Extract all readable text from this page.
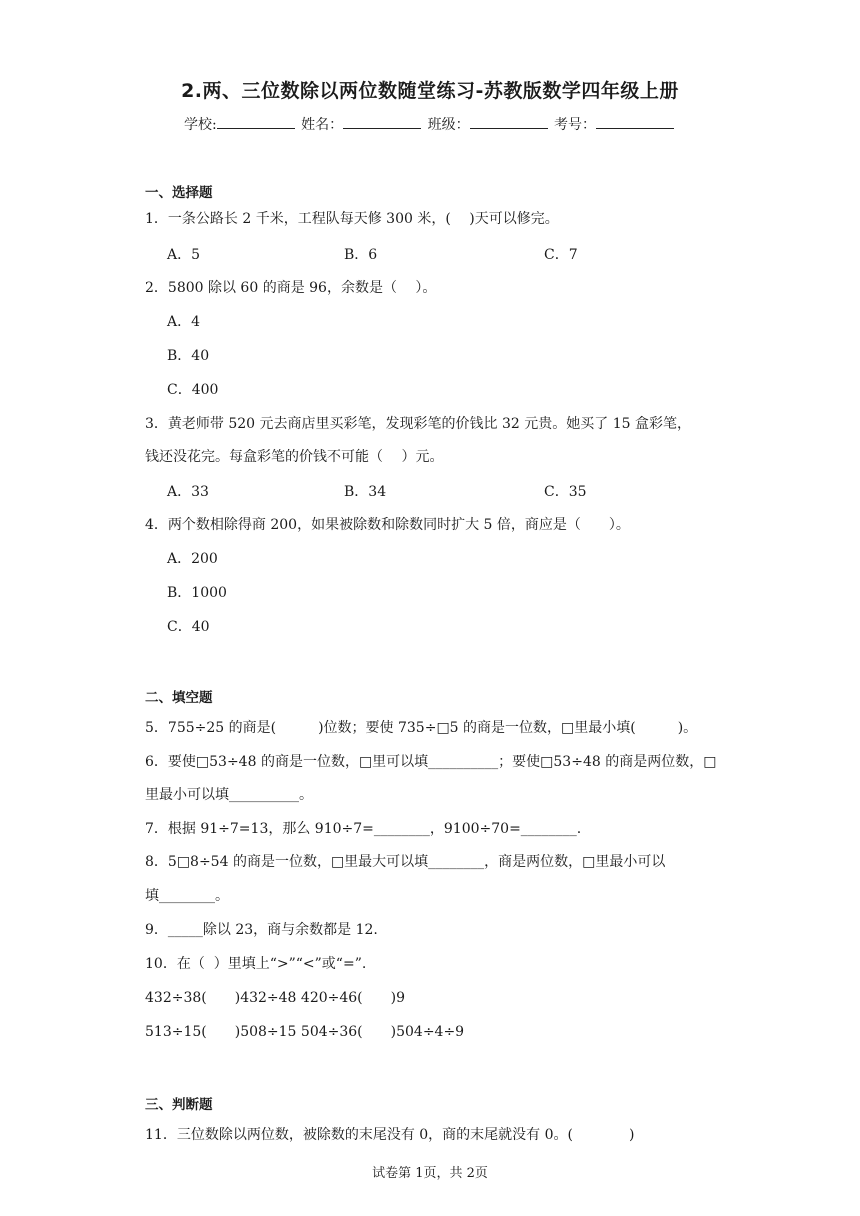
2.两、三位数除以两位数随堂练习-苏教版数学四年级上册
学校:	姓名：	班级：	考号：
一、选择题
1．一条公路长 2 千米，工程队每天修 300 米，(　 )天可以修完。
A．5	B．6	C．7
2．5800 除以 60 的商是 96，余数是（　 ）。
A．4
B．40
C．400
3．黄老师带 520 元去商店里买彩笔，发现彩笔的价钱比 32 元贵。她买了 15 盒彩笔，
钱还没花完。每盒彩笔的价钱不可能（　 ）元。
A．33	B．34	C．35
4．两个数相除得商 200，如果被除数和除数同时扩大 5 倍，商应是（　　）。
A．200
B．1000
C．40
二、填空题
5．755÷25 的商是(　　　)位数；要使 735÷□5 的商是一位数，□里最小填(　　　)。
6．要使□53÷48 的商是一位数，□里可以填__________；要使□53÷48 的商是两位数，□
里最小可以填__________。
7．根据 91÷7=13，那么 910÷7=________，9100÷70=________.
8．5□8÷54 的商是一位数，□里最大可以填________，商是两位数，□里最小可以
填________。
9．_____除以 23，商与余数都是 12.
10．在（  ）里填上“>”“<”或“=”.
432÷38(　　)432÷48 420÷46(　　)9
513÷15(　　)508÷15 504÷36(　　)504÷4÷9
三、判断题
11．三位数除以两位数，被除数的末尾没有 0，商的末尾就没有 0。(　　　　)
试卷第 1页，共 2页
